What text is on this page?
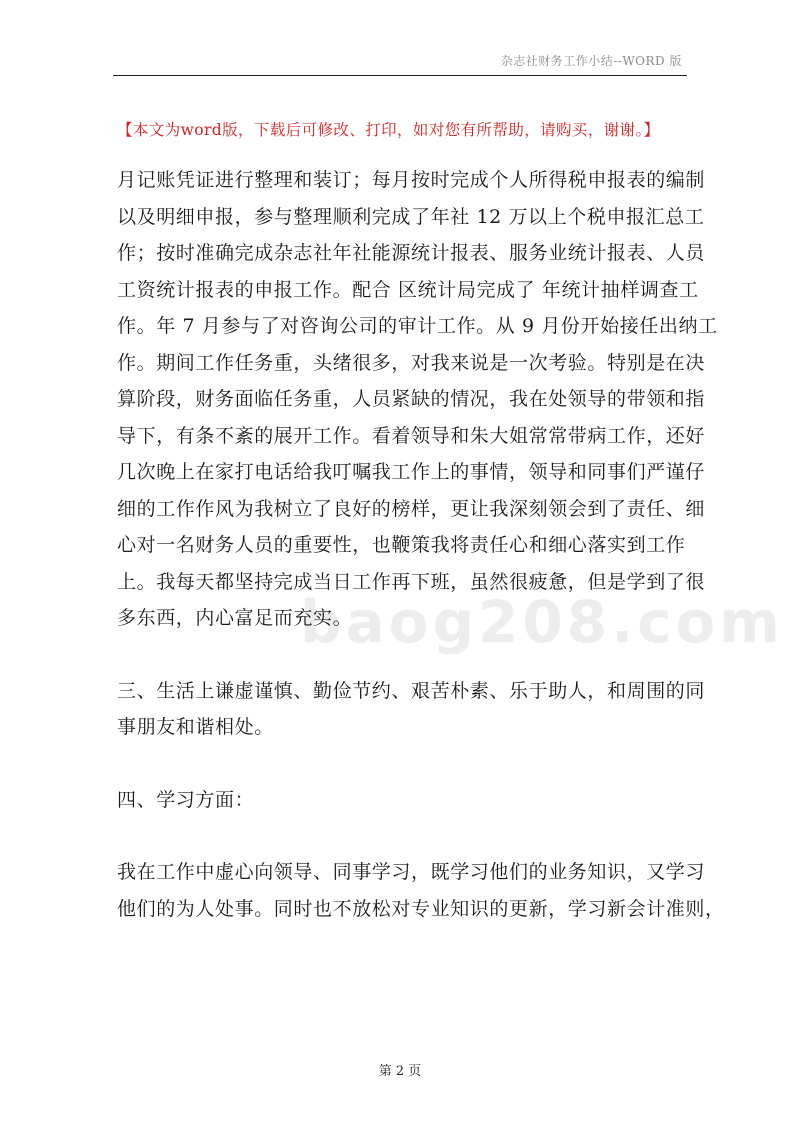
杂志社财务工作小结--WORD 版
【本文为word版，下载后可修改、打印，如对您有所帮助，请购买，谢谢。】
baog208.com

月记账凭证进行整理和装订；每月按时完成个人所得税申报表的编制
以及明细申报，参与整理顺利完成了年社 12 万以上个税申报汇总工
作；按时准确完成杂志社年社能源统计报表、服务业统计报表、人员
工资统计报表的申报工作。配合 区统计局完成了 年统计抽样调查工
作。年 7 月参与了对咨询公司的审计工作。从 9 月份开始接任出纳工
作。期间工作任务重，头绪很多，对我来说是一次考验。特别是在决
算阶段，财务面临任务重，人员紧缺的情况，我在处领导的带领和指
导下，有条不紊的展开工作。看着领导和朱大姐常常带病工作，还好
几次晚上在家打电话给我叮嘱我工作上的事情，领导和同事们严谨仔
细的工作作风为我树立了良好的榜样，更让我深刻领会到了责任、细
心对一名财务人员的重要性，也鞭策我将责任心和细心落实到工作
上。我每天都坚持完成当日工作再下班，虽然很疲惫，但是学到了很
多东西，内心富足而充实。

三、生活上谦虚谨慎、勤俭节约、艰苦朴素、乐于助人，和周围的同
事朋友和谐相处。

四、学习方面：

我在工作中虚心向领导、同事学习，既学习他们的业务知识，又学习
他们的为人处事。同时也不放松对专业知识的更新，学习新会计准则，

第 2 页
